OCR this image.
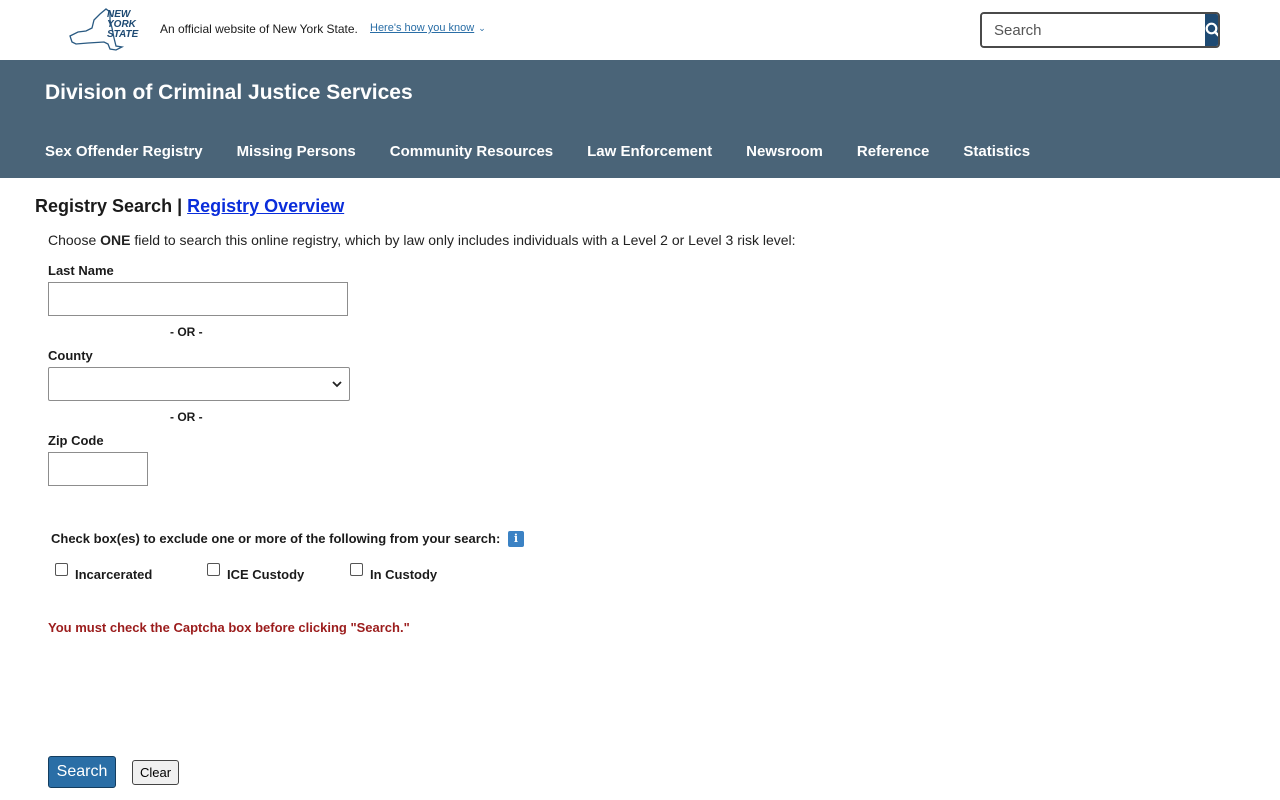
NEW
YORK
STATE An official website of New York State. Here's how you know ⌄
Search
Division of Criminal Justice Services
Sex Offender Registry Missing Persons Community Resources Law Enforcement Newsroom Reference Statistics
Registry Search | Registry Overview
Choose ONE field to search this online registry, which by law only includes individuals with a Level 2 or Level 3 risk level:
Last Name
- OR -
County
- OR -
Zip Code
Check box(es) to exclude one or more of the following from your search: i
Incarcerated	ICE Custody	In Custody
You must check the Captcha box before clicking "Search."
Search	Clear
